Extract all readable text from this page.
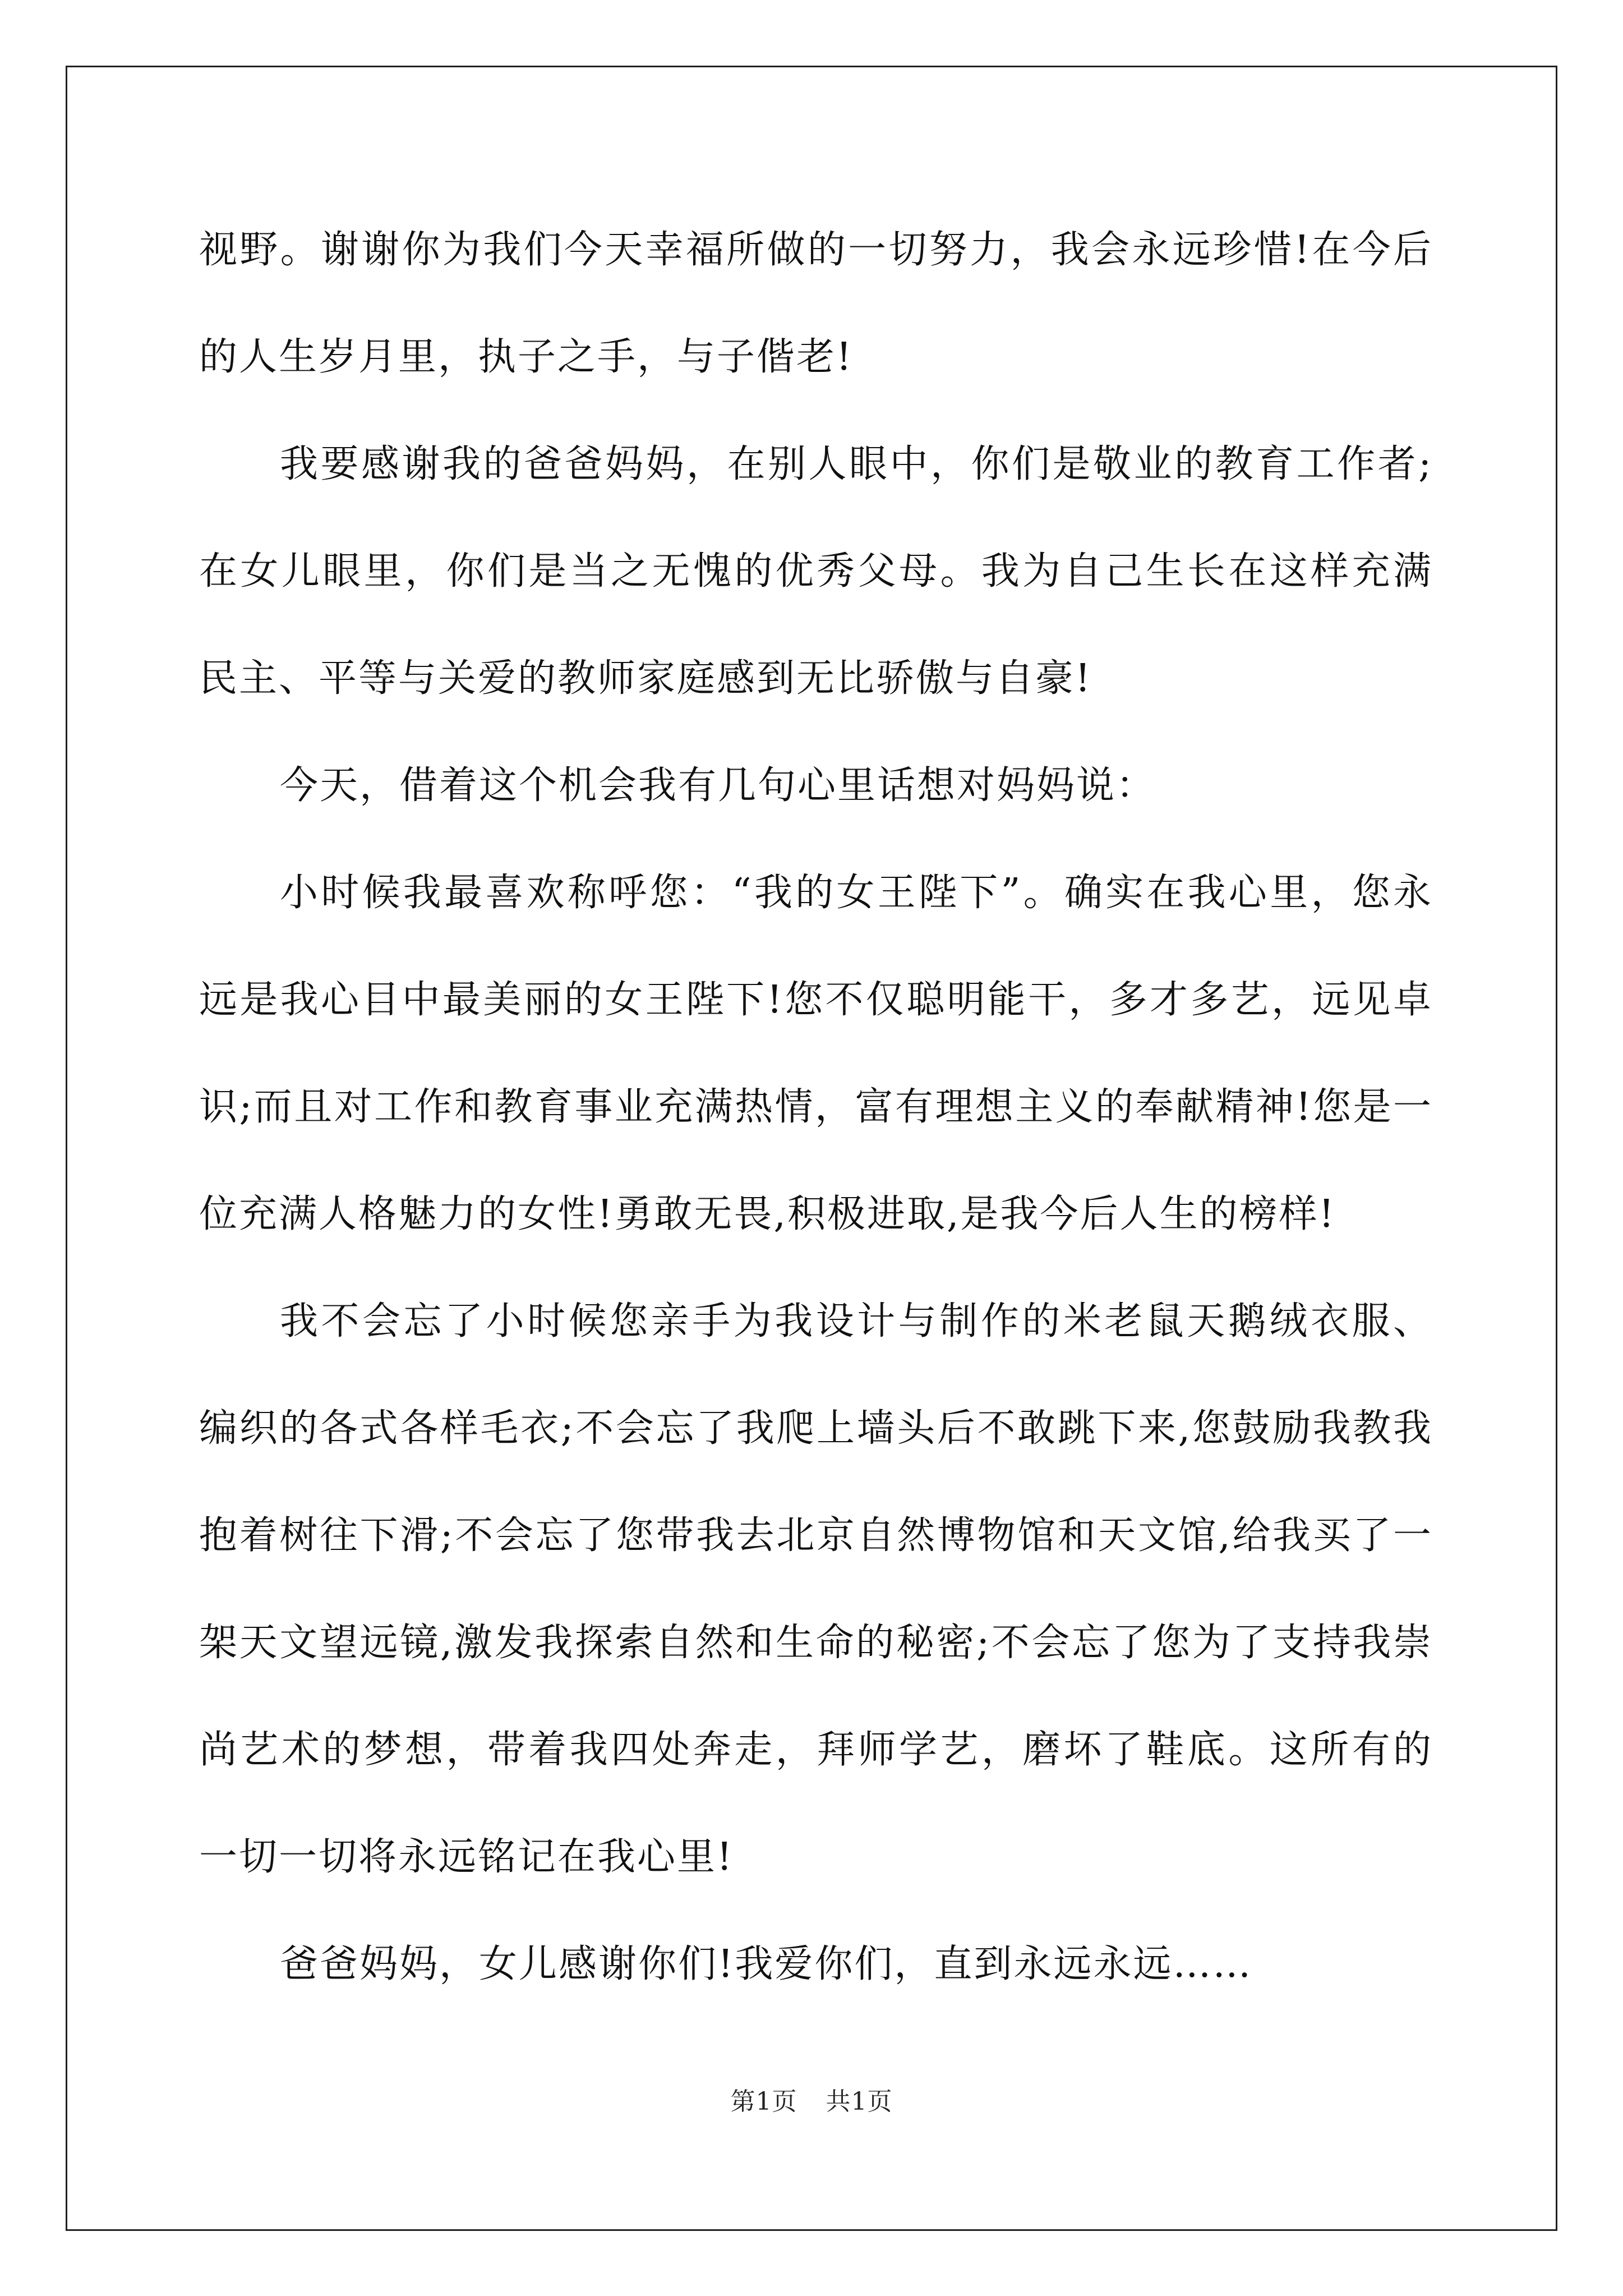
视野。谢谢你为我们今天幸福所做的一切努力，我会永远珍惜!在今后的人生岁月里，执子之手，与子偕老!

我要感谢我的爸爸妈妈，在别人眼中，你们是敬业的教育工作者;在女儿眼里，你们是当之无愧的优秀父母。我为自己生长在这样充满民主、平等与关爱的教师家庭感到无比骄傲与自豪!

今天，借着这个机会我有几句心里话想对妈妈说：

小时候我最喜欢称呼您：“我的女王陛下”。确实在我心里，您永远是我心目中最美丽的女王陛下!您不仅聪明能干，多才多艺，远见卓识;而且对工作和教育事业充满热情，富有理想主义的奉献精神!您是一位充满人格魅力的女性!勇敢无畏,积极进取,是我今后人生的榜样!

我不会忘了小时候您亲手为我设计与制作的米老鼠天鹅绒衣服、编织的各式各样毛衣;不会忘了我爬上墙头后不敢跳下来,您鼓励我教我抱着树往下滑;不会忘了您带我去北京自然博物馆和天文馆,给我买了一架天文望远镜,激发我探索自然和生命的秘密;不会忘了您为了支持我崇尚艺术的梦想，带着我四处奔走，拜师学艺，磨坏了鞋底。这所有的一切一切将永远铭记在我心里!

爸爸妈妈，女儿感谢你们!我爱你们，直到永远永远……

第1页 共1页
